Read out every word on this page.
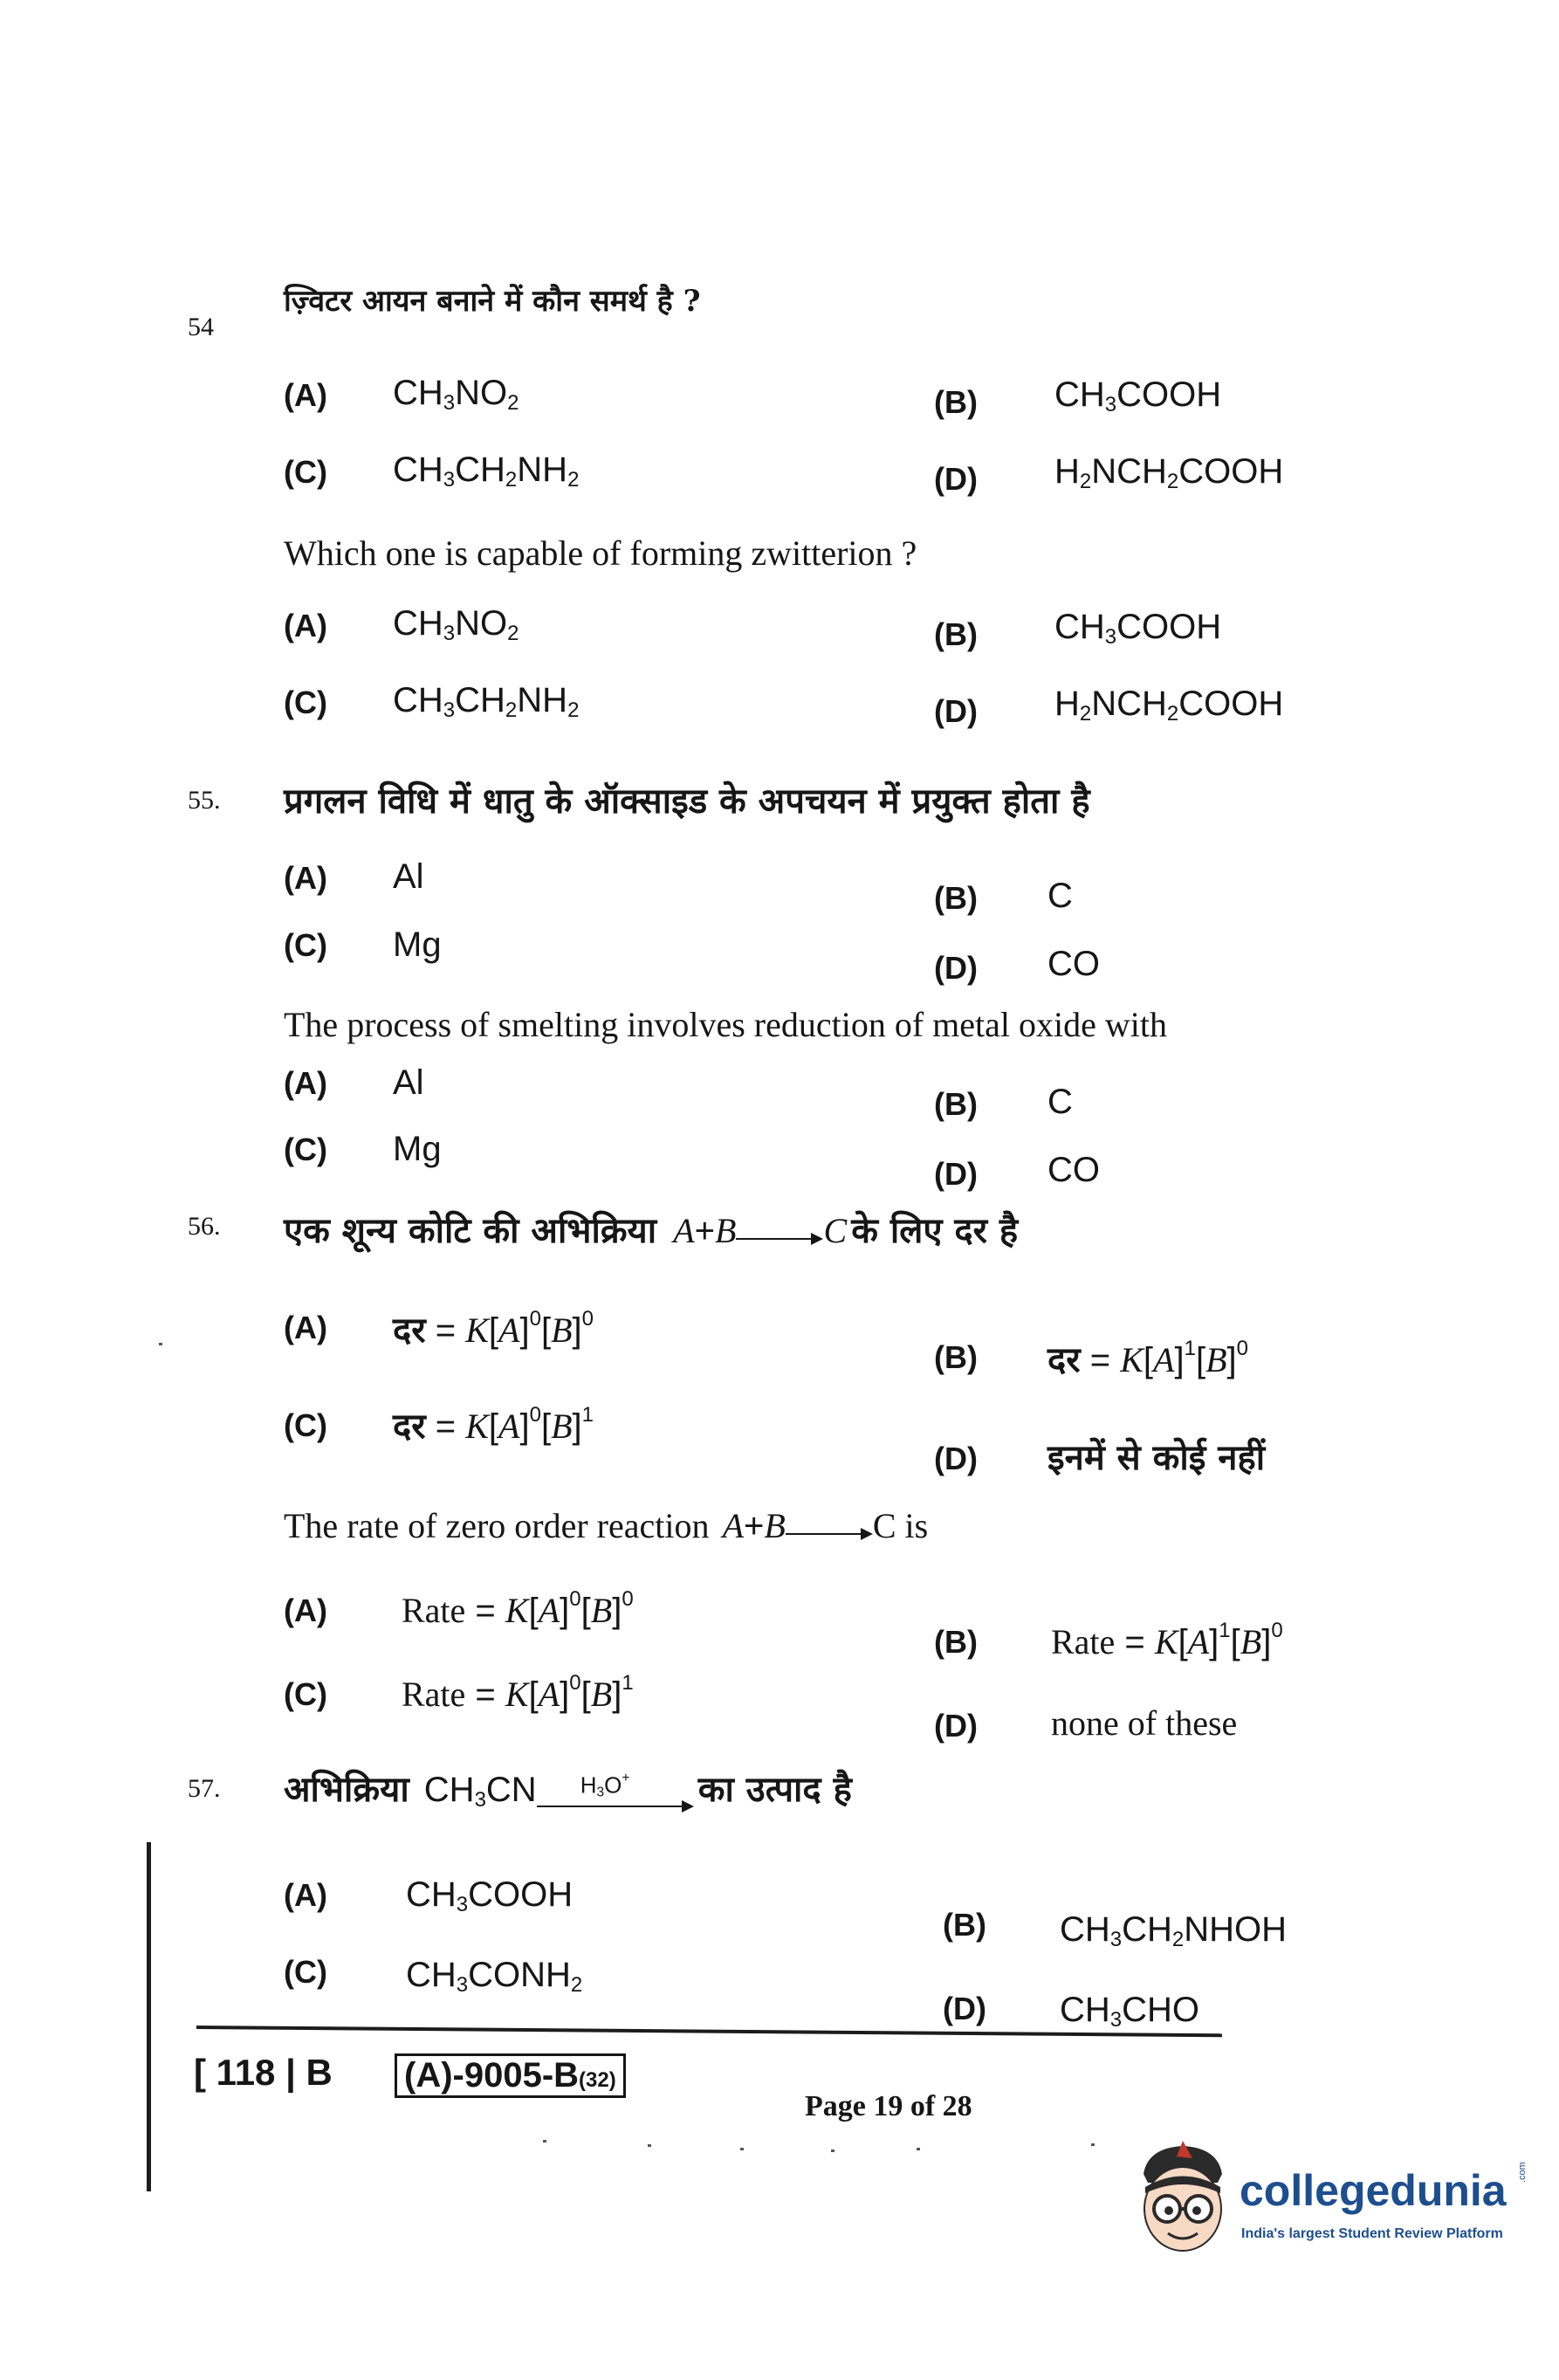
54
ज़्विटर आयन बनाने में कौन समर्थ है ?
(A) $CH_3NO_2$	(B) $CH_3COOH$
(C) $CH_3CH_2NH_2$	(D) $H_2NCH_2COOH$
Which one is capable of forming zwitterion ?
(A) $CH_3NO_2$	(B) $CH_3COOH$
(C) $CH_3CH_2NH_2$	(D) $H_2NCH_2COOH$
55. प्रगलन विधि में धातु के ऑक्साइड के अपचयन में प्रयुक्त होता है
(A) Al
(B) C
(C) Mg
(D) CO
The process of smelting involves reduction of metal oxide with
(A) Al
(B) C
(C) Mg
(D) CO
56. एक शून्य कोटि की अभिक्रिया A+B	C के लिए दर है
(A) दर = $K[A]^0[B]^0$
(B) दर = $K[A]^1[B]^0$
(C) दर = $K[A]^0[B]^1$
(D) इनमें से कोई नहीं
The rate of zero order reaction A+B	C is
(A) Rate = $K[A]^0[B]^0$
(B) Rate = $K[A]^1[B]^0$
(C) Rate = $K[A]^0[B]^1$
(D) none of these
57. अभिक्रिया $CH_3CN$ $H_3O^+$ का उत्पाद है
(A) $CH_3COOH$
(B) $CH_3CH_2NHOH$
(C) $CH_3CONH_2$
(D) $CH_3CHO$
[ 118 | B (A)-9005-B(32)
Page 19 of 28
collegedunia .com
India's largest Student Review Platform
